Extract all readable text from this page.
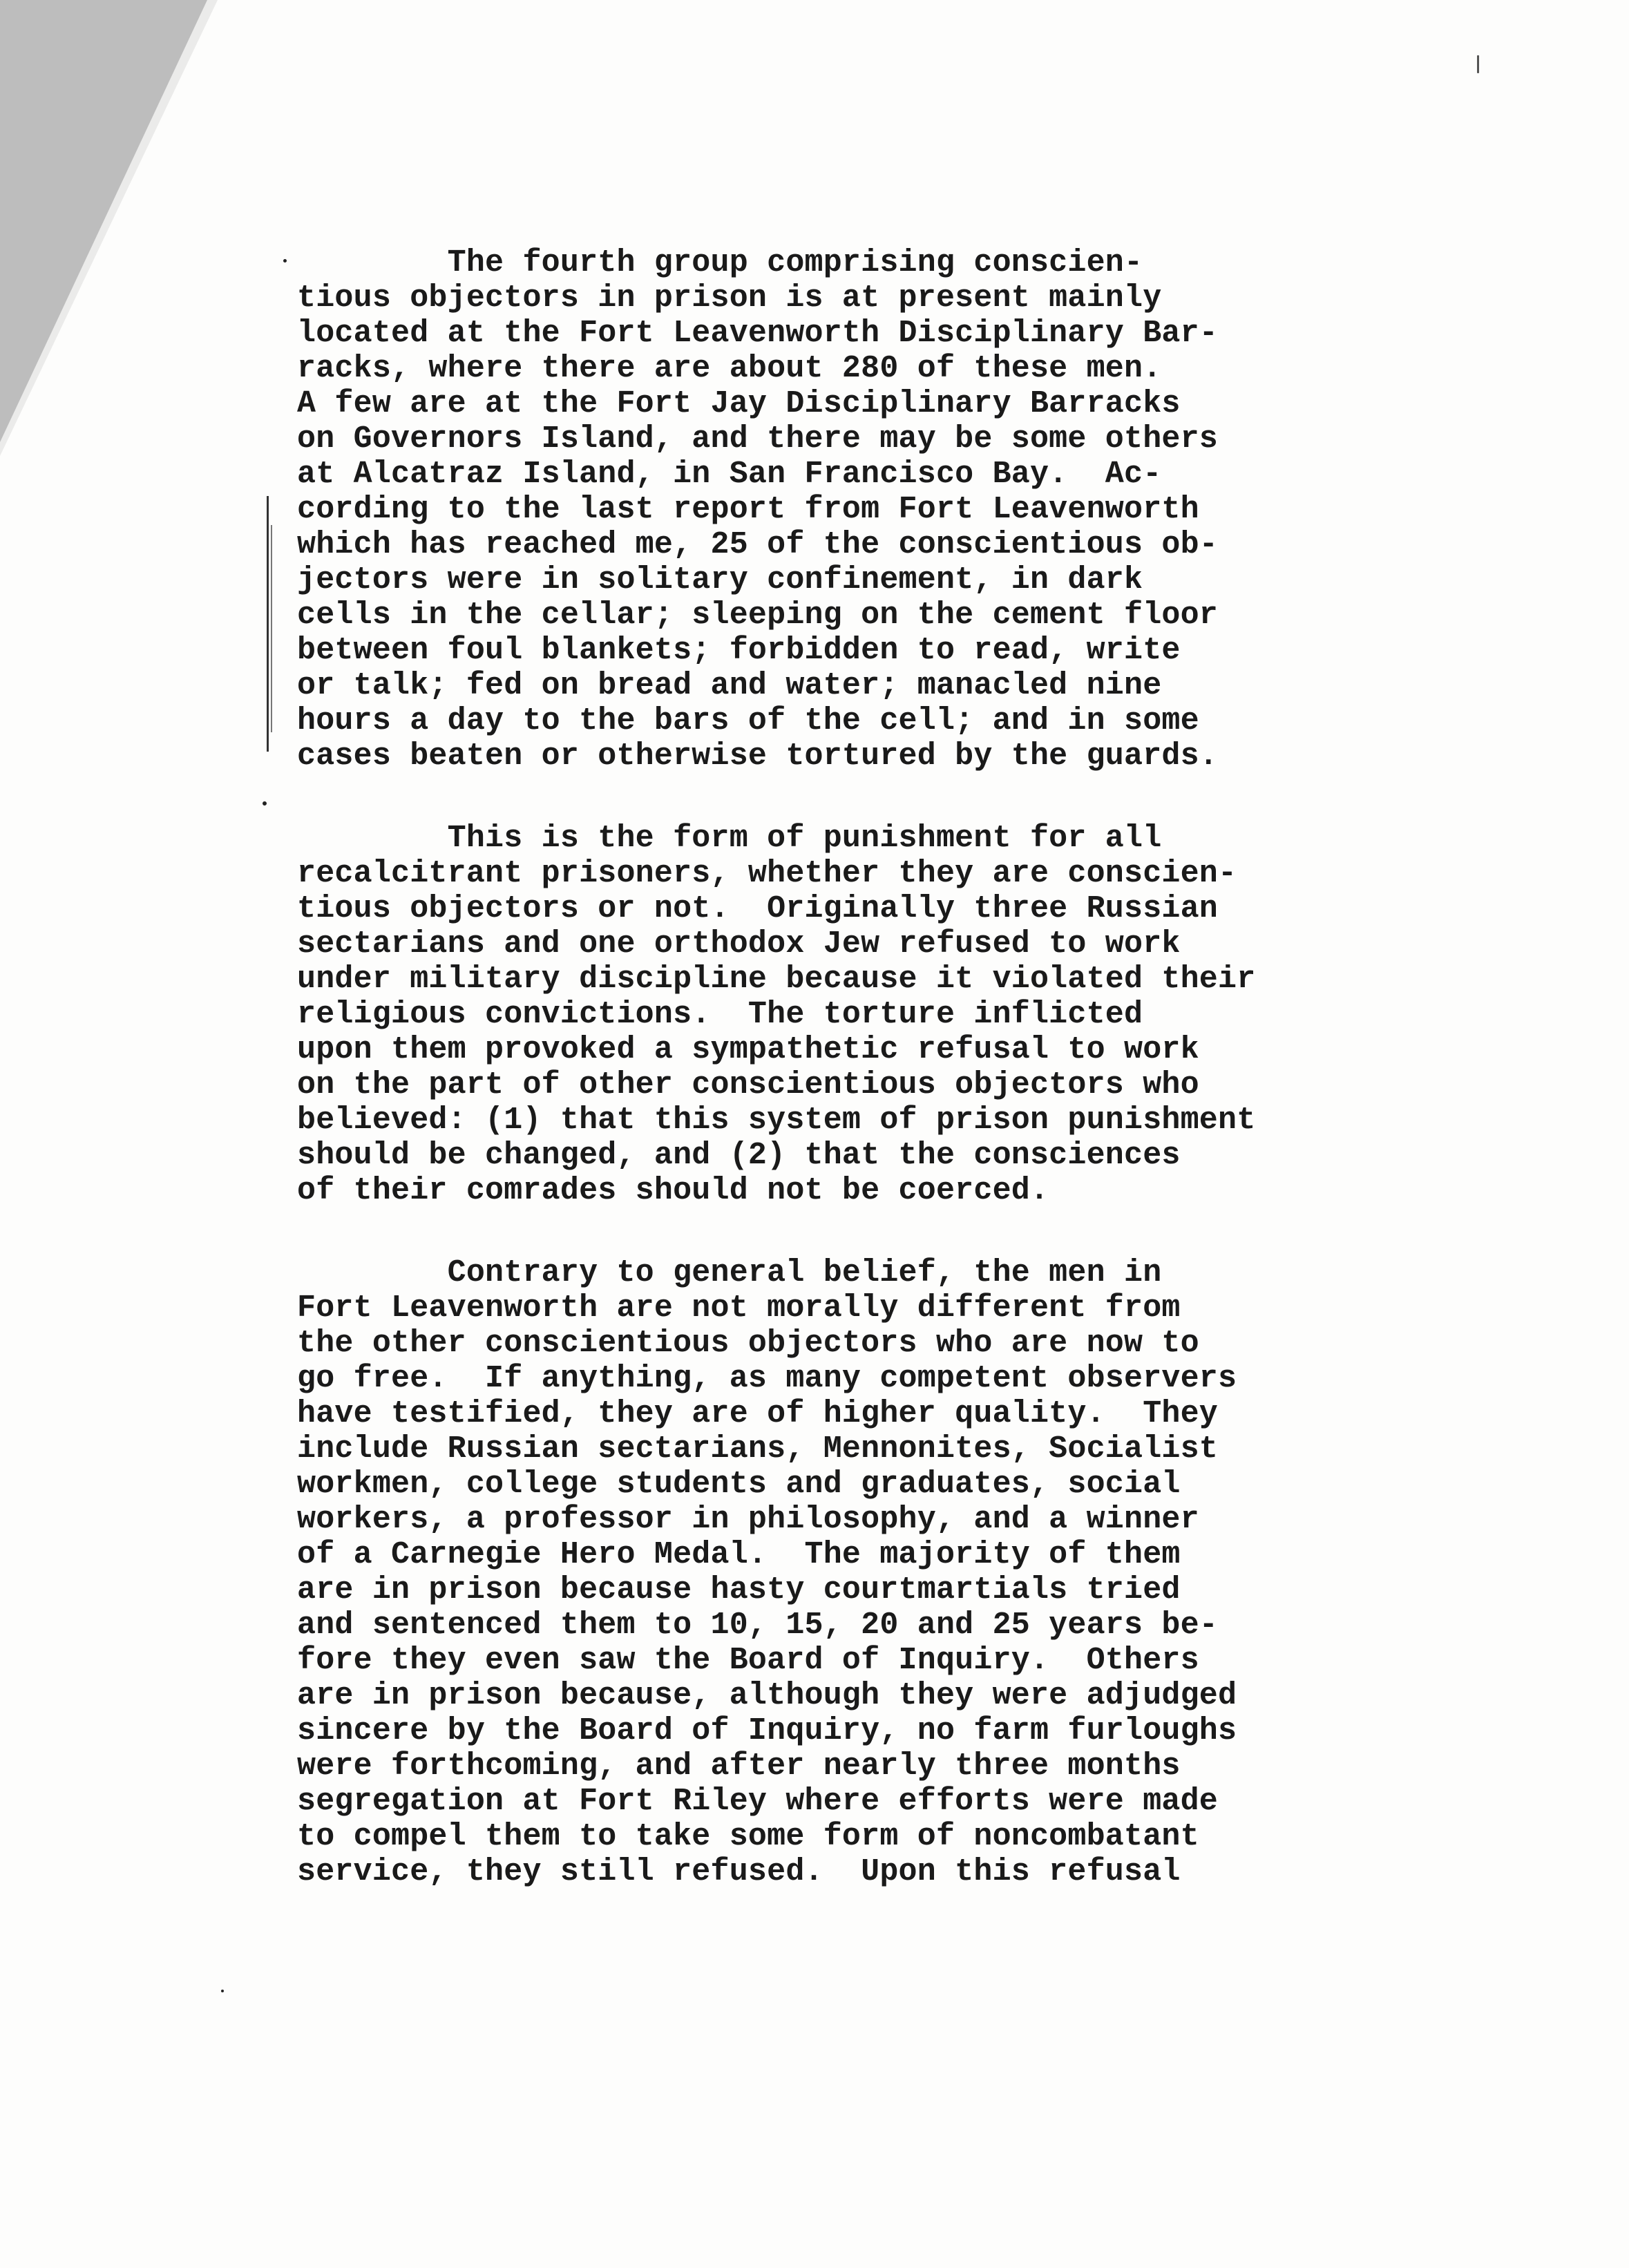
The fourth group comprising conscien-
tious objectors in prison is at present mainly
located at the Fort Leavenworth Disciplinary Bar-
racks, where there are about 280 of these men.
A few are at the Fort Jay Disciplinary Barracks
on Governors Island, and there may be some others
at Alcatraz Island, in San Francisco Bay.  Ac-
cording to the last report from Fort Leavenworth
which has reached me, 25 of the conscientious ob-
jectors were in solitary confinement, in dark
cells in the cellar; sleeping on the cement floor
between foul blankets; forbidden to read, write
or talk; fed on bread and water; manacled nine
hours a day to the bars of the cell; and in some
cases beaten or otherwise tortured by the guards.
This is the form of punishment for all
recalcitrant prisoners, whether they are conscien-
tious objectors or not.  Originally three Russian
sectarians and one orthodox Jew refused to work
under military discipline because it violated their
religious convictions.  The torture inflicted
upon them provoked a sympathetic refusal to work
on the part of other conscientious objectors who
believed: (1) that this system of prison punishment
should be changed, and (2) that the consciences
of their comrades should not be coerced.
Contrary to general belief, the men in
Fort Leavenworth are not morally different from
the other conscientious objectors who are now to
go free.  If anything, as many competent observers
have testified, they are of higher quality.  They
include Russian sectarians, Mennonites, Socialist
workmen, college students and graduates, social
workers, a professor in philosophy, and a winner
of a Carnegie Hero Medal.  The majority of them
are in prison because hasty courtmartials tried
and sentenced them to 10, 15, 20 and 25 years be-
fore they even saw the Board of Inquiry.  Others
are in prison because, although they were adjudged
sincere by the Board of Inquiry, no farm furloughs
were forthcoming, and after nearly three months
segregation at Fort Riley where efforts were made
to compel them to take some form of noncombatant
service, they still refused.  Upon this refusal
